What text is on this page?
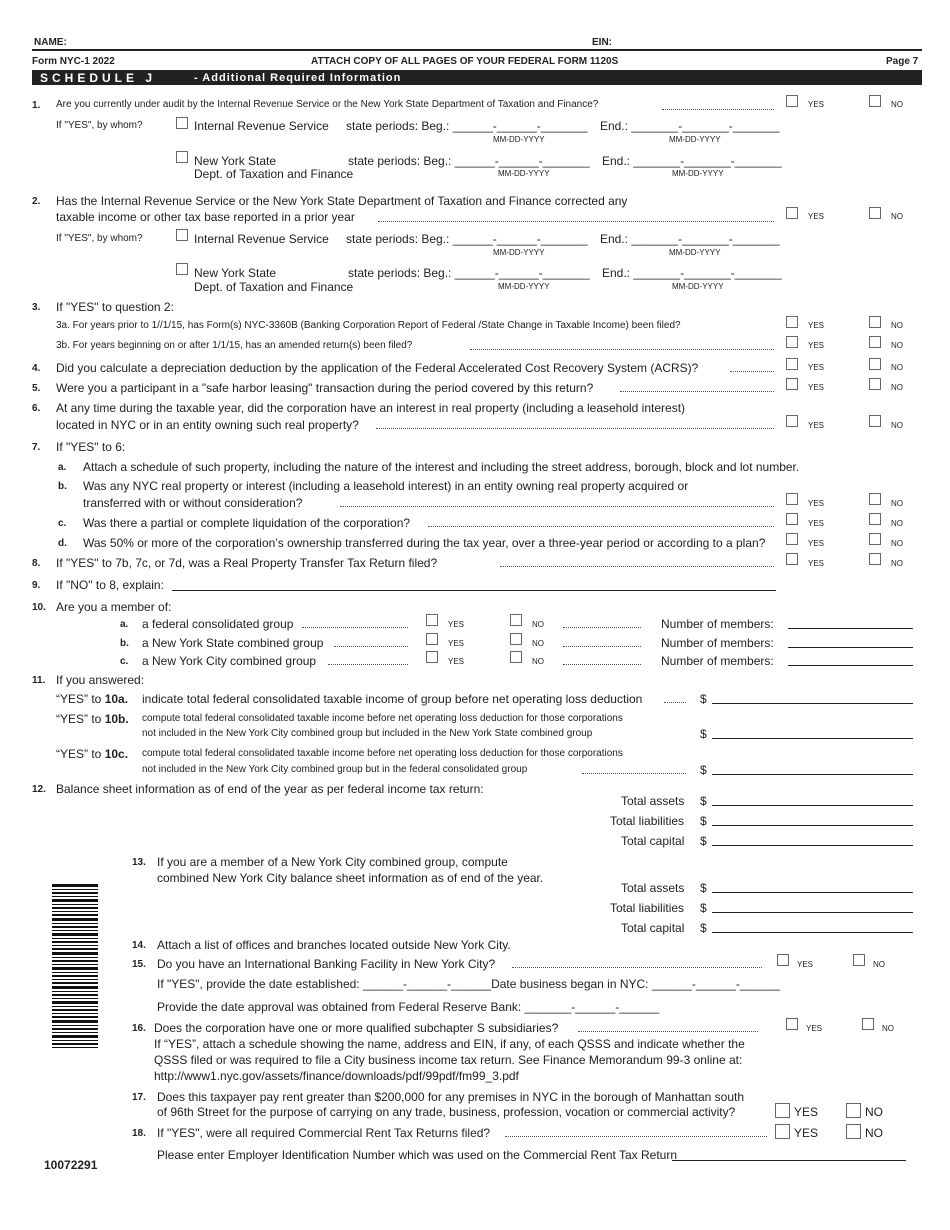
NAME:	EIN:
Form NYC-1 2022	ATTACH COPY OF ALL PAGES OF YOUR FEDERAL FORM 1120S	Page 7
SCHEDULE J	- Additional Required Information
1. Are you currently under audit by the Internal Revenue Service or the New York State Department of Taxation and Finance?	YES	NO
If "YES", by whom?	Internal Revenue Service state periods: Beg.: ______-______-_______ End.: _______-_______-_______
MM-DD-YYYY	MM-DD-YYYY
New York State
Dept. of Taxation and Finance
state periods: Beg.: ______-______-_______ End.: _______-_______-_______
MM-DD-YYYY	MM-DD-YYYY
2. Has the Internal Revenue Service or the New York State Department of Taxation and Finance corrected any
taxable income or other tax base reported in a prior year	YES	NO
If "YES", by whom?	Internal Revenue Service state periods: Beg.: ______-______-_______ End.: _______-_______-_______
MM-DD-YYYY	MM-DD-YYYY
New York State
Dept. of Taxation and Finance
state periods: Beg.: ______-______-_______ End.: _______-_______-_______
MM-DD-YYYY	MM-DD-YYYY
3. If "YES" to question 2:
3a. For years prior to 1//1/15, has Form(s) NYC-3360B (Banking Corporation Report of Federal /State Change in Taxable Income) been filed?	YES	NO
3b. For years beginning on or after 1/1/15, has an amended return(s) been filed?	YES	NO
4. Did you calculate a depreciation deduction by the application of the Federal Accelerated Cost Recovery System (ACRS)?	YES	NO
5. Were you a participant in a "safe harbor leasing" transaction during the period covered by this return?	YES	NO
6. At any time during the taxable year, did the corporation have an interest in real property (including a leasehold interest)
located in NYC or in an entity owning such real property?	YES	NO
7. If "YES" to 6:
a. Attach a schedule of such property, including the nature of the interest and including the street address, borough, block and lot number.
b. Was any NYC real property or interest (including a leasehold interest) in an entity owning real property acquired or
transferred with or without consideration?	YES	NO
c. Was there a partial or complete liquidation of the corporation?	YES	NO
d. Was 50% or more of the corporation’s ownership transferred during the tax year, over a three-year period or according to a plan?	YES	NO
8. If "YES" to 7b, 7c, or 7d, was a Real Property Transfer Tax Return filed?	YES	NO
9. If "NO" to 8, explain:
10. Are you a member of:
a. a federal consolidated group	YES	NO	Number of members:
b. a New York State combined group	YES	NO	Number of members:
c. a New York City combined group	YES	NO	Number of members:
11. If you answered:
“YES” to 10a. indicate total federal consolidated taxable income of group before net operating loss deduction	$
“YES” to 10b. compute total federal consolidated taxable income before net operating loss deduction for those corporations
not included in the New York City combined group but included in the New York State combined group	$
“YES” to 10c. compute total federal consolidated taxable income before net operating loss deduction for those corporations
not included in the New York City combined group but in the federal consolidated group	$
12. Balance sheet information as of end of the year as per federal income tax return:
Total assets $
Total liabilities $
Total capital $
13. If you are a member of a New York City combined group, compute
combined New York City balance sheet information as of end of the year.
Total assets $
Total liabilities $
Total capital $
14. Attach a list of offices and branches located outside New York City.
15. Do you have an International Banking Facility in New York City?	YES	NO
If "YES", provide the date established: ______-______-______Date business began in NYC: ______-______-______
Provide the date approval was obtained from Federal Reserve Bank: _______-______-______
16. Does the corporation have one or more qualified subchapter S subsidiaries?	YES	NO
If “YES”, attach a schedule showing the name, address and EIN, if any, of each QSSS and indicate whether the
QSSS filed or was required to file a City business income tax return. See Finance Memorandum 99-3 online at:
http://www1.nyc.gov/assets/finance/downloads/pdf/99pdf/fm99_3.pdf
17. Does this taxpayer pay rent greater than $200,000 for any premises in NYC in the borough of Manhattan south
of 96th Street for the purpose of carrying on any trade, business, profession, vocation or commercial activity?	YES	NO
18. If "YES", were all required Commercial Rent Tax Returns filed?	YES	NO
Please enter Employer Identification Number which was used on the Commercial Rent Tax Return
10072291
